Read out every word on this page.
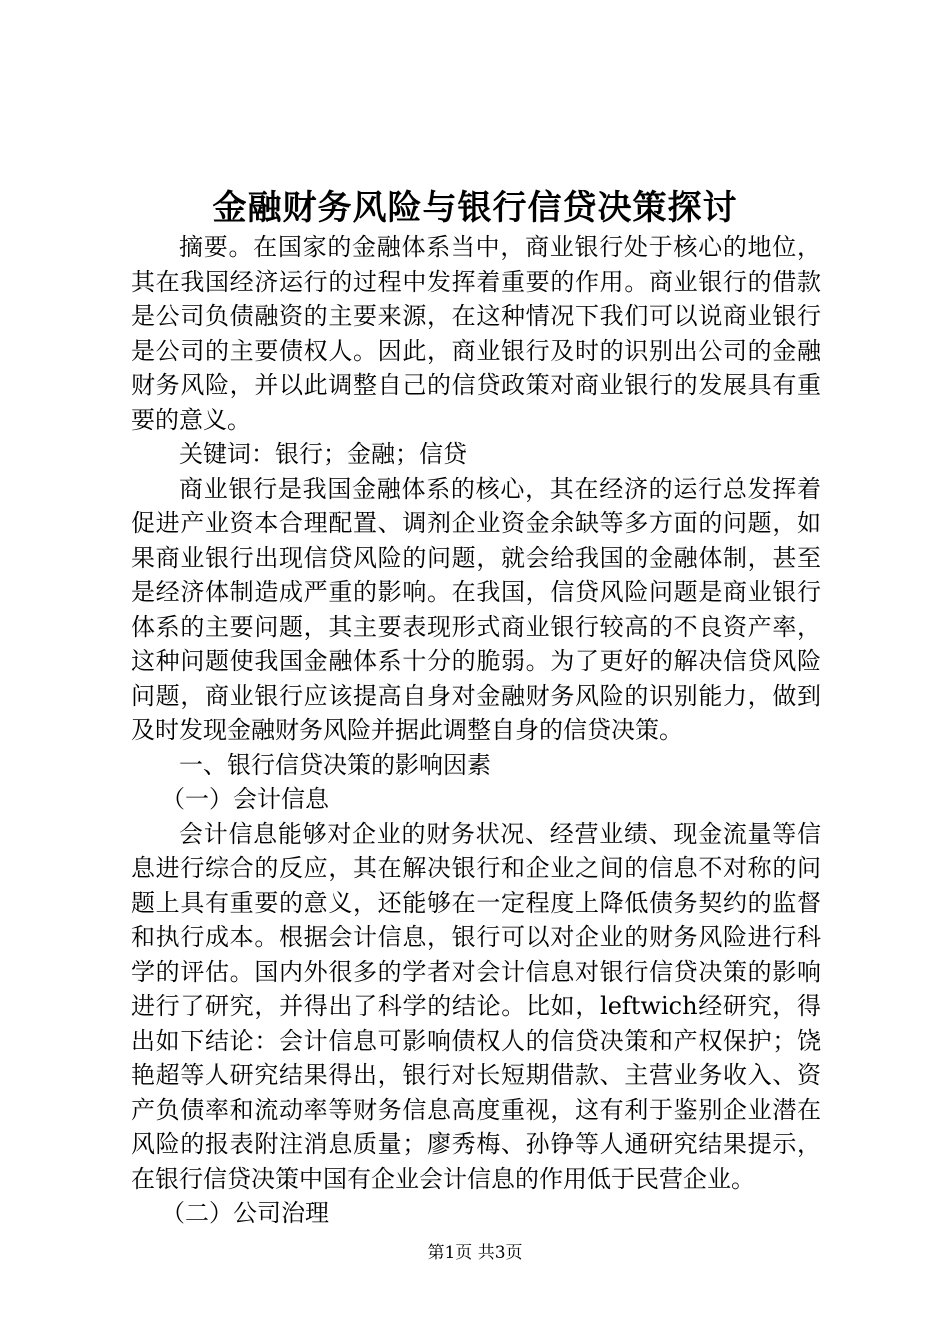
金融财务风险与银行信贷决策探讨

摘要。在国家的金融体系当中，商业银行处于核心的地位，其在我国经济运行的过程中发挥着重要的作用。商业银行的借款是公司负债融资的主要来源，在这种情况下我们可以说商业银行是公司的主要债权人。因此，商业银行及时的识别出公司的金融财务风险，并以此调整自己的信贷政策对商业银行的发展具有重要的意义。

关键词：银行；金融；信贷

商业银行是我国金融体系的核心，其在经济的运行总发挥着促进产业资本合理配置、调剂企业资金余缺等多方面的问题，如果商业银行出现信贷风险的问题，就会给我国的金融体制，甚至是经济体制造成严重的影响。在我国，信贷风险问题是商业银行体系的主要问题，其主要表现形式商业银行较高的不良资产率，这种问题使我国金融体系十分的脆弱。为了更好的解决信贷风险问题，商业银行应该提高自身对金融财务风险的识别能力，做到及时发现金融财务风险并据此调整自身的信贷决策。

一、银行信贷决策的影响因素

（一）会计信息

会计信息能够对企业的财务状况、经营业绩、现金流量等信息进行综合的反应，其在解决银行和企业之间的信息不对称的问题上具有重要的意义，还能够在一定程度上降低债务契约的监督和执行成本。根据会计信息，银行可以对企业的财务风险进行科学的评估。国内外很多的学者对会计信息对银行信贷决策的影响进行了研究，并得出了科学的结论。比如，leftwich经研究，得出如下结论：会计信息可影响债权人的信贷决策和产权保护；饶艳超等人研究结果得出，银行对长短期借款、主营业务收入、资产负债率和流动率等财务信息高度重视，这有利于鉴别企业潜在风险的报表附注消息质量；廖秀梅、孙铮等人通研究结果提示，在银行信贷决策中国有企业会计信息的作用低于民营企业。

（二）公司治理

第1页 共3页
